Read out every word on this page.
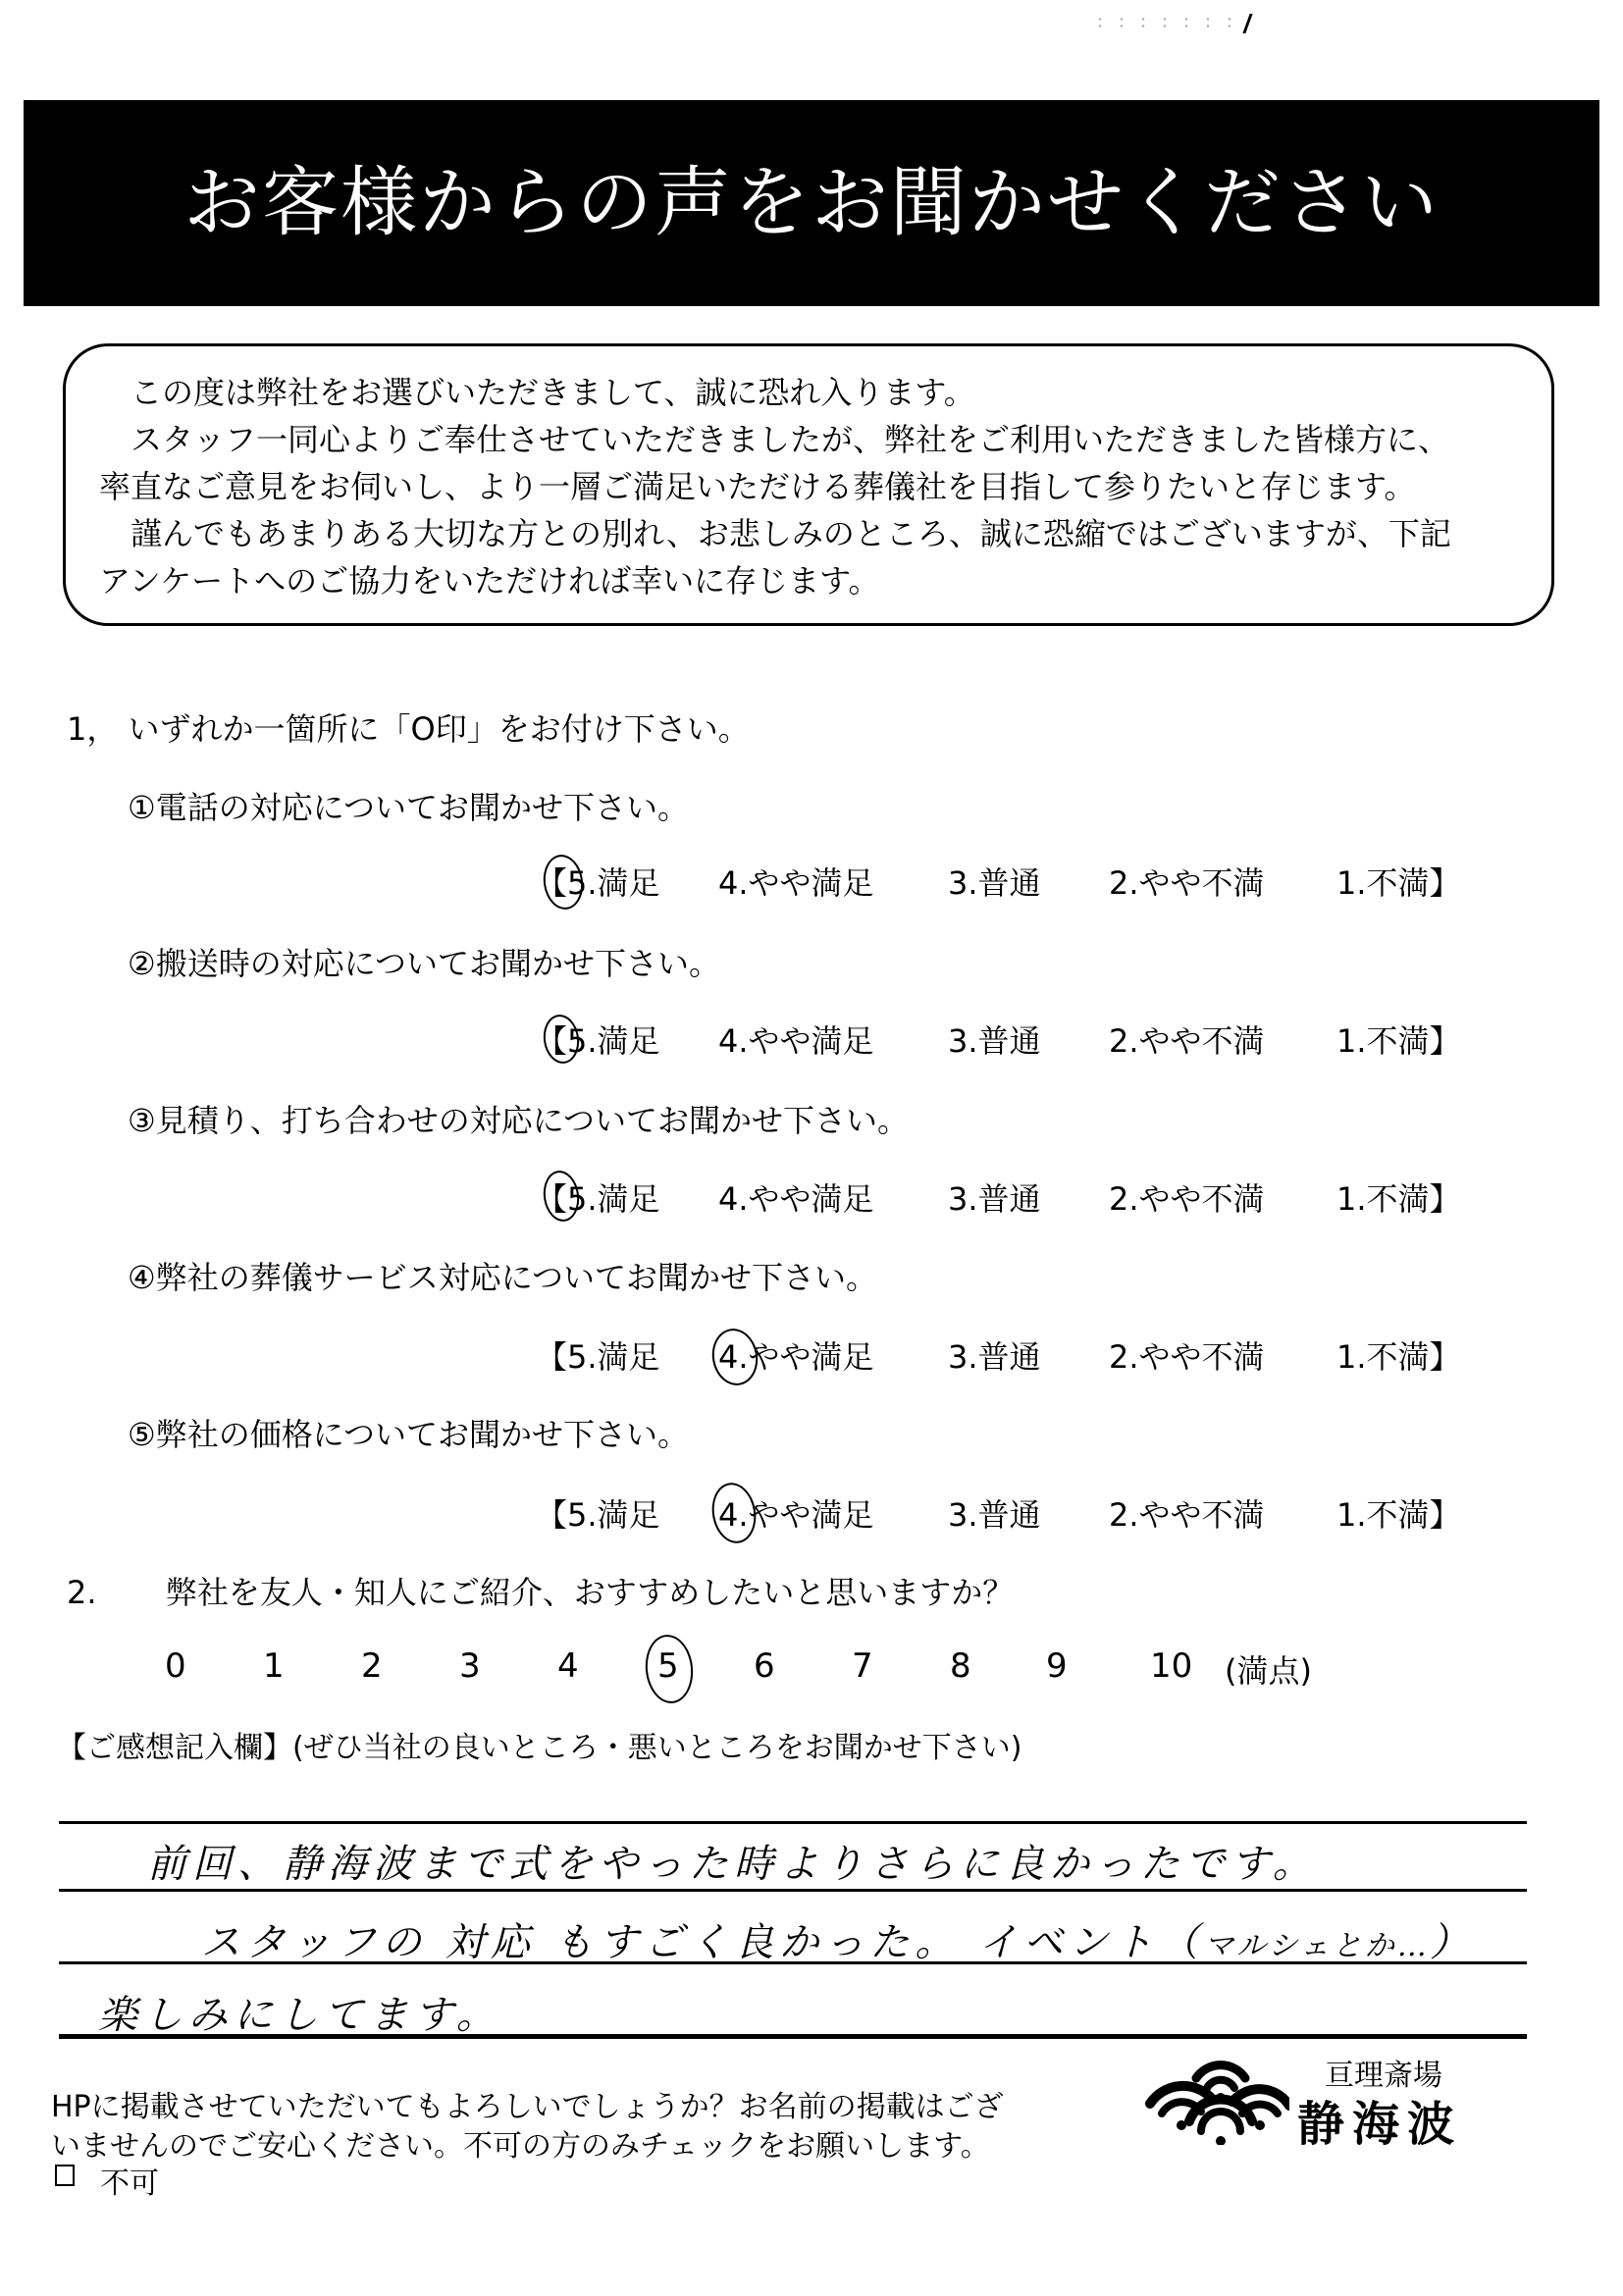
お客様からの声をお聞かせください
この度は弊社をお選びいただきまして、誠に恐れ入ります。
スタッフ一同心よりご奉仕させていただきましたが、弊社をご利用いただきました皆様方に、
率直なご意見をお伺いし、より一層ご満足いただける葬儀社を目指して参りたいと存じます。
謹んでもあまりある大切な方との別れ、お悲しみのところ、誠に恐縮ではございますが、下記
アンケートへのご協力をいただければ幸いに存じます。
1， いずれか一箇所に「O印」をお付け下さい。
①電話の対応についてお聞かせ下さい。
【5.満足 4.やや満足 3.普通 2.やや不満 1.不満】
②搬送時の対応についてお聞かせ下さい。
【5.満足 4.やや満足 3.普通 2.やや不満 1.不満】
③見積り、打ち合わせの対応についてお聞かせ下さい。
【5.満足 4.やや満足 3.普通 2.やや不満 1.不満】
④弊社の葬儀サービス対応についてお聞かせ下さい。
【5.満足 4.やや満足 3.普通 2.やや不満 1.不満】
⑤弊社の価格についてお聞かせ下さい。
【5.満足 4.やや満足 3.普通 2.やや不満 1.不満】
2. 弊社を友人・知人にご紹介、おすすめしたいと思いますか？
0 1 2 3 4 5 6 7 8 9 10 (満点)
【ご感想記入欄】(ぜひ当社の良いところ・悪いところをお聞かせ下さい)
前回、静海波まで式をやった時よりさらに良かったです。
スタッフの 対応 もすごく良かった。 イベント（マルシェとか…）
楽しみにしてます。
HPに掲載させていただいてもよろしいでしょうか？お名前の掲載はござ
いませんのでご安心ください。不可の方のみチェックをお願いします。
不可
亘理斎場
静海波
